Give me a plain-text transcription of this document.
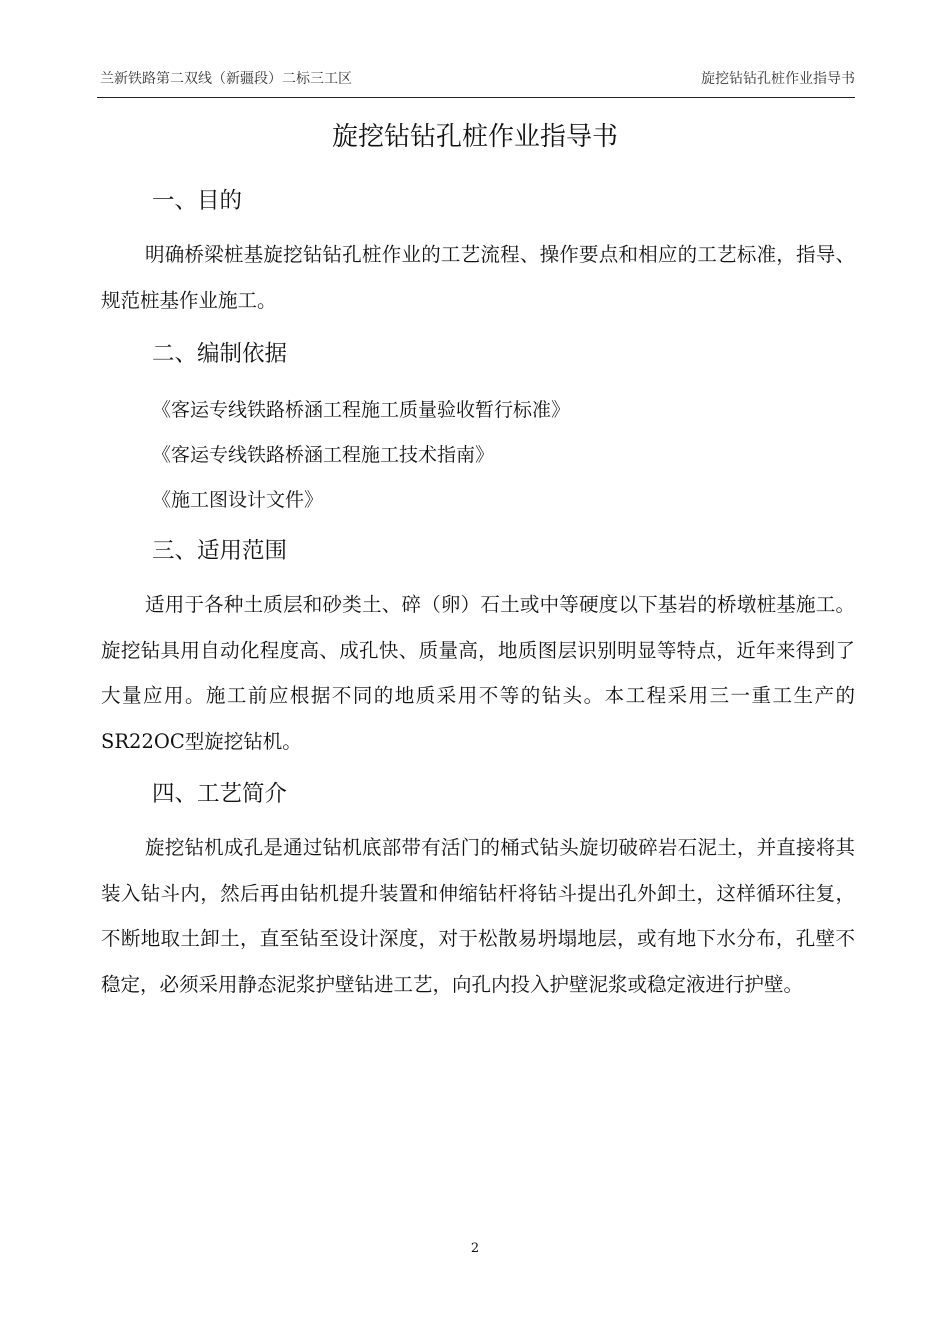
兰新铁路第二双线（新疆段）二标三工区	旋挖钻钻孔桩作业指导书
旋挖钻钻孔桩作业指导书
一、目的
明确桥梁桩基旋挖钻钻孔桩作业的工艺流程、操作要点和相应的工艺标准，指导、规范桩基作业施工。
二、编制依据
《客运专线铁路桥涵工程施工质量验收暂行标准》
《客运专线铁路桥涵工程施工技术指南》
《施工图设计文件》
三、适用范围
适用于各种土质层和砂类土、碎（卵）石土或中等硬度以下基岩的桥墩桩基施工。旋挖钻具用自动化程度高、成孔快、质量高，地质图层识别明显等特点，近年来得到了大量应用。施工前应根据不同的地质采用不等的钻头。本工程采用三一重工生产的SR22OC型旋挖钻机。
四、工艺简介
旋挖钻机成孔是通过钻机底部带有活门的桶式钻头旋切破碎岩石泥土，并直接将其装入钻斗内，然后再由钻机提升装置和伸缩钻杆将钻斗提出孔外卸土，这样循环往复，不断地取土卸土，直至钻至设计深度，对于松散易坍塌地层，或有地下水分布，孔壁不稳定，必须采用静态泥浆护壁钻进工艺，向孔内投入护壁泥浆或稳定液进行护壁。
2
